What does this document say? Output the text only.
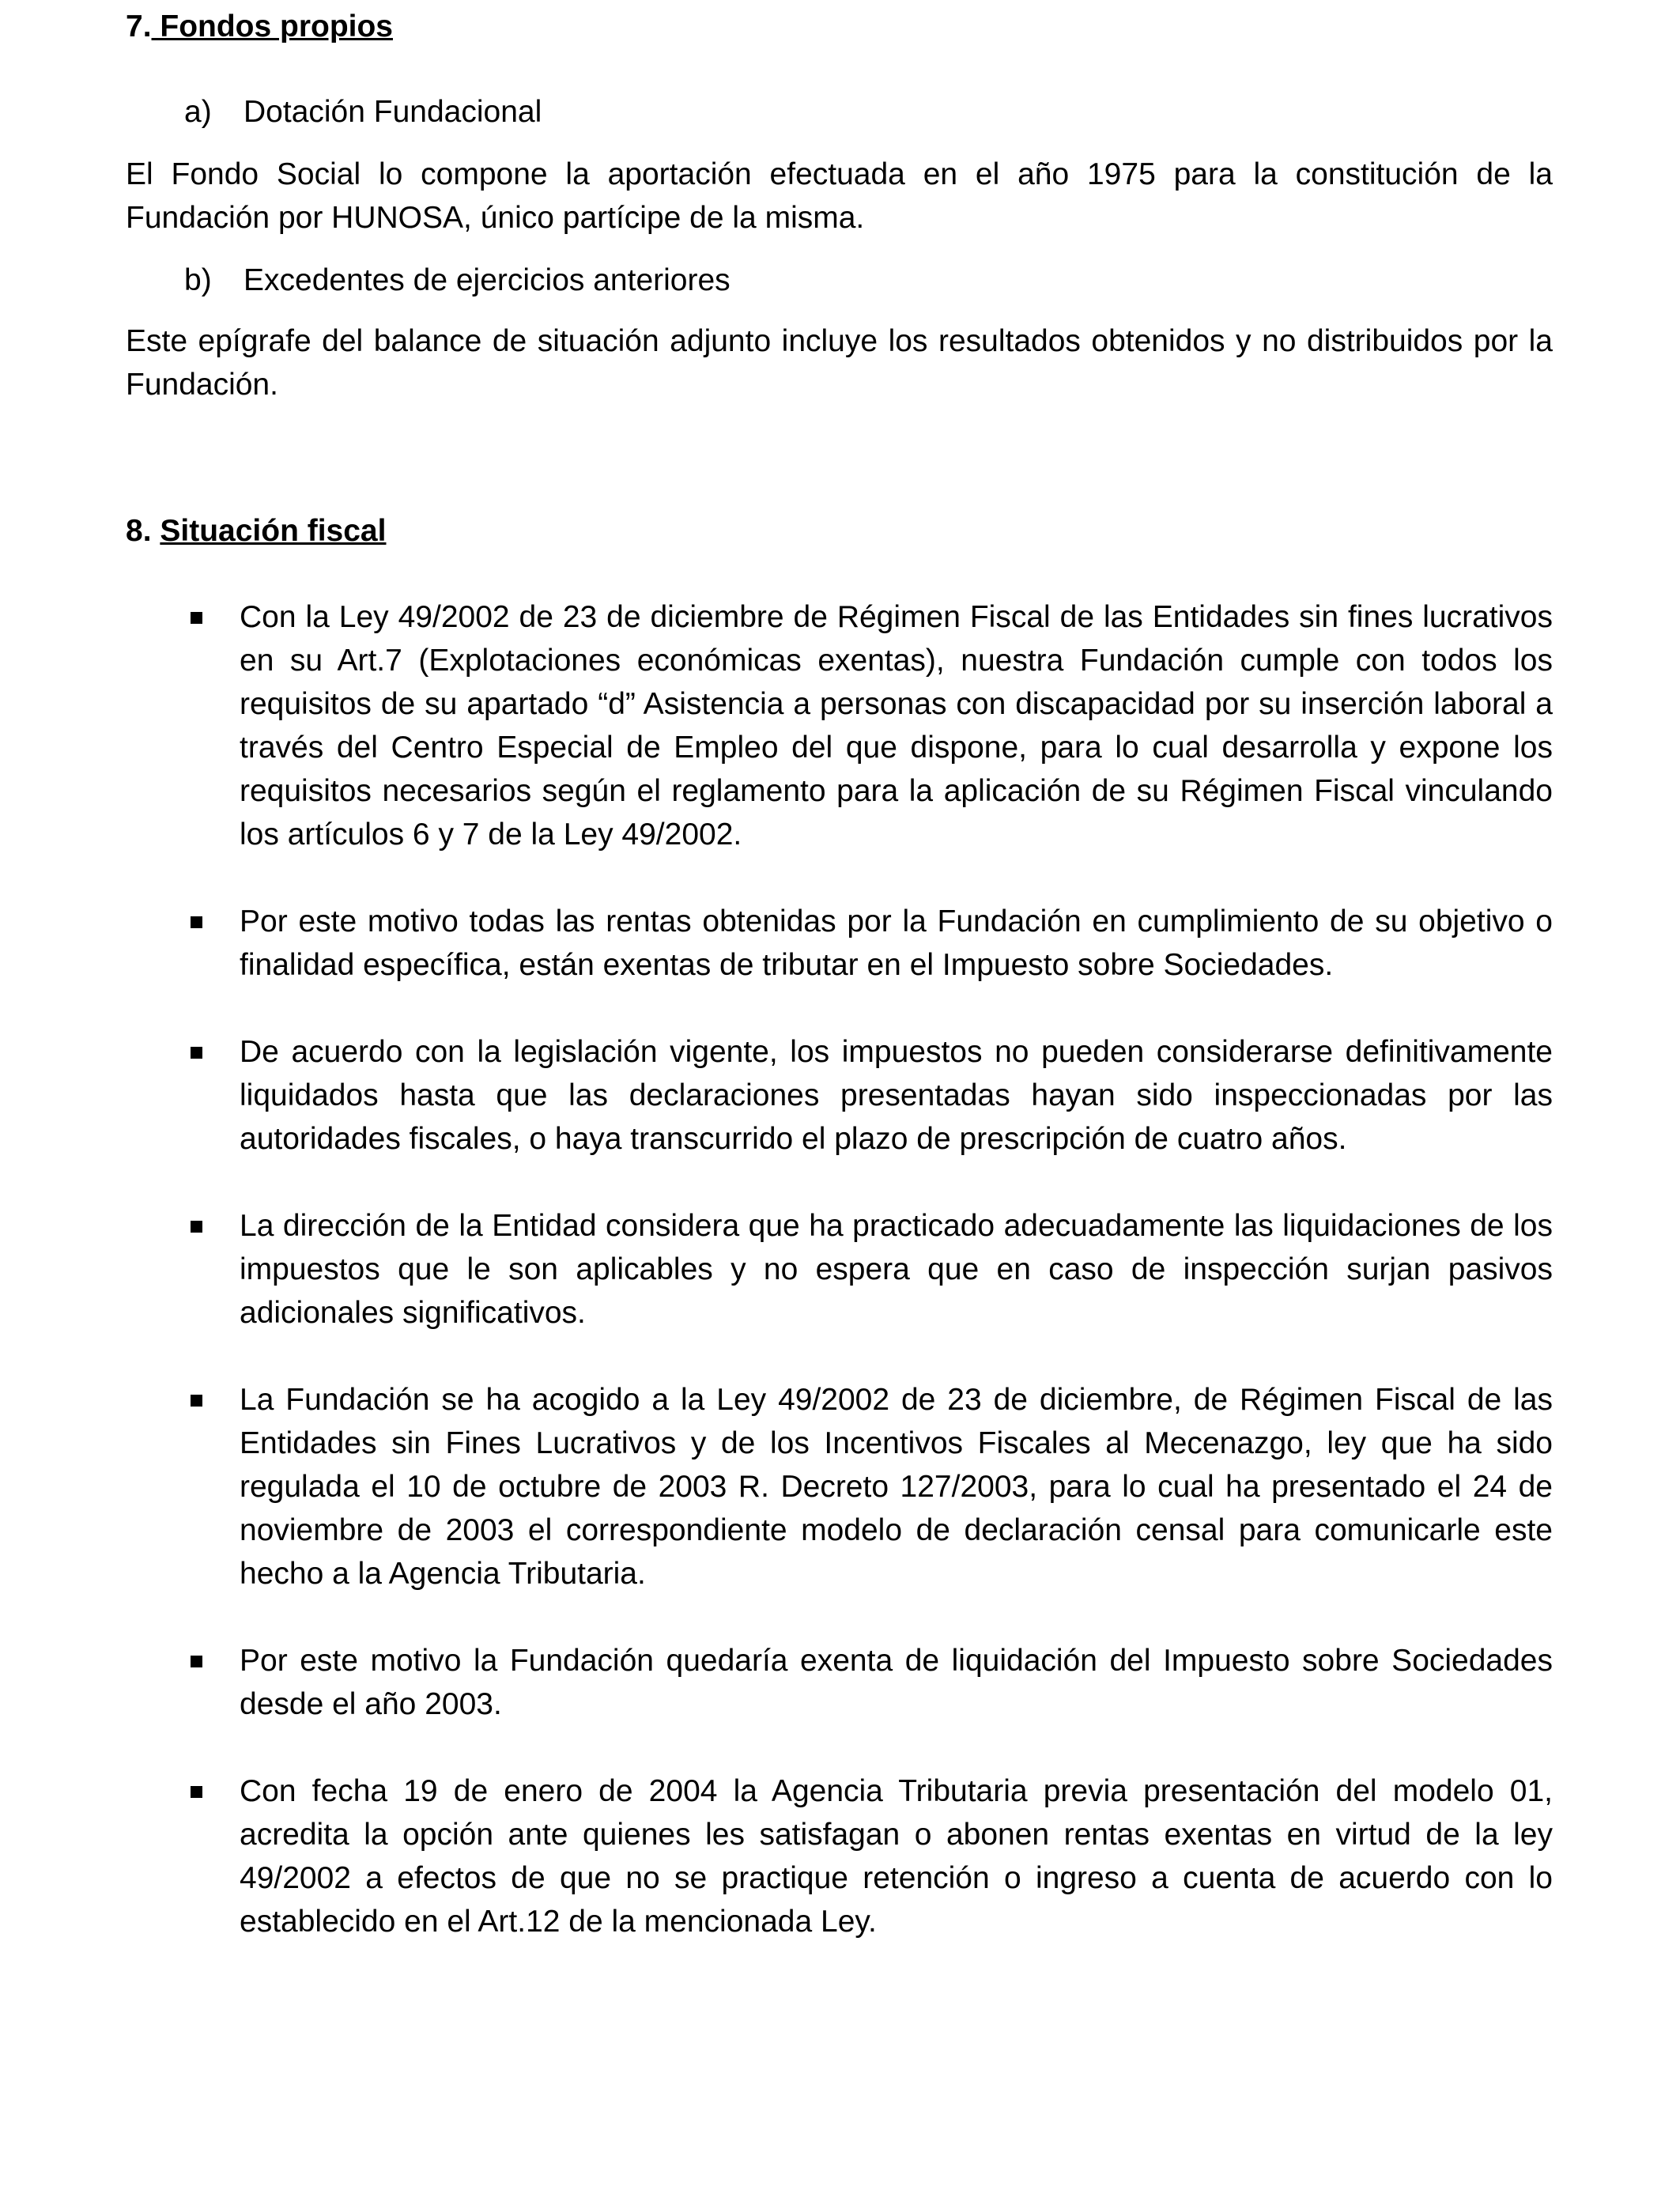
7. Fondos propios

a)	Dotación Fundacional

El Fondo Social lo compone la aportación efectuada en el año 1975 para la constitución de la Fundación por HUNOSA, único partícipe de la misma.

b)	Excedentes de ejercicios anteriores

Este epígrafe del balance de situación adjunto incluye los resultados obtenidos y no distribuidos por la Fundación.

8. Situación fiscal

Con la Ley 49/2002 de 23 de diciembre de Régimen Fiscal de las Entidades sin fines lucrativos en su Art.7 (Explotaciones económicas exentas), nuestra Fundación cumple con todos los requisitos de su apartado “d” Asistencia a personas con discapacidad por su inserción laboral a través del Centro Especial de Empleo del que dispone, para lo cual desarrolla y expone los requisitos necesarios según el reglamento para la aplicación de su Régimen Fiscal vinculando los artículos 6 y 7 de la Ley 49/2002.
Por este motivo todas las rentas obtenidas por la Fundación en cumplimiento de su objetivo o finalidad específica, están exentas de tributar en el Impuesto sobre Sociedades.
De acuerdo con la legislación vigente, los impuestos no pueden considerarse definitivamente liquidados hasta que las declaraciones presentadas hayan sido inspeccionadas por las autoridades fiscales, o haya transcurrido el plazo de prescripción de cuatro años.
La dirección de la Entidad considera que ha practicado adecuadamente las liquidaciones de los impuestos que le son aplicables y no espera que en caso de inspección surjan pasivos adicionales significativos.
La Fundación se ha acogido a la Ley 49/2002 de 23 de diciembre, de Régimen Fiscal de las Entidades sin Fines Lucrativos y de los Incentivos Fiscales al Mecenazgo, ley que ha sido regulada el 10 de octubre de 2003 R. Decreto 127/2003, para lo cual ha presentado el 24 de noviembre de 2003 el correspondiente modelo de declaración censal para comunicarle este hecho a la Agencia Tributaria.
Por este motivo la Fundación quedaría exenta de liquidación del Impuesto sobre Sociedades desde el año 2003.
Con fecha 19 de enero de 2004 la Agencia Tributaria previa presentación del modelo 01, acredita la opción ante quienes les satisfagan o abonen rentas exentas en virtud de la ley 49/2002 a efectos de que no se practique retención o ingreso a cuenta de acuerdo con lo establecido en el Art.12 de la mencionada Ley.
